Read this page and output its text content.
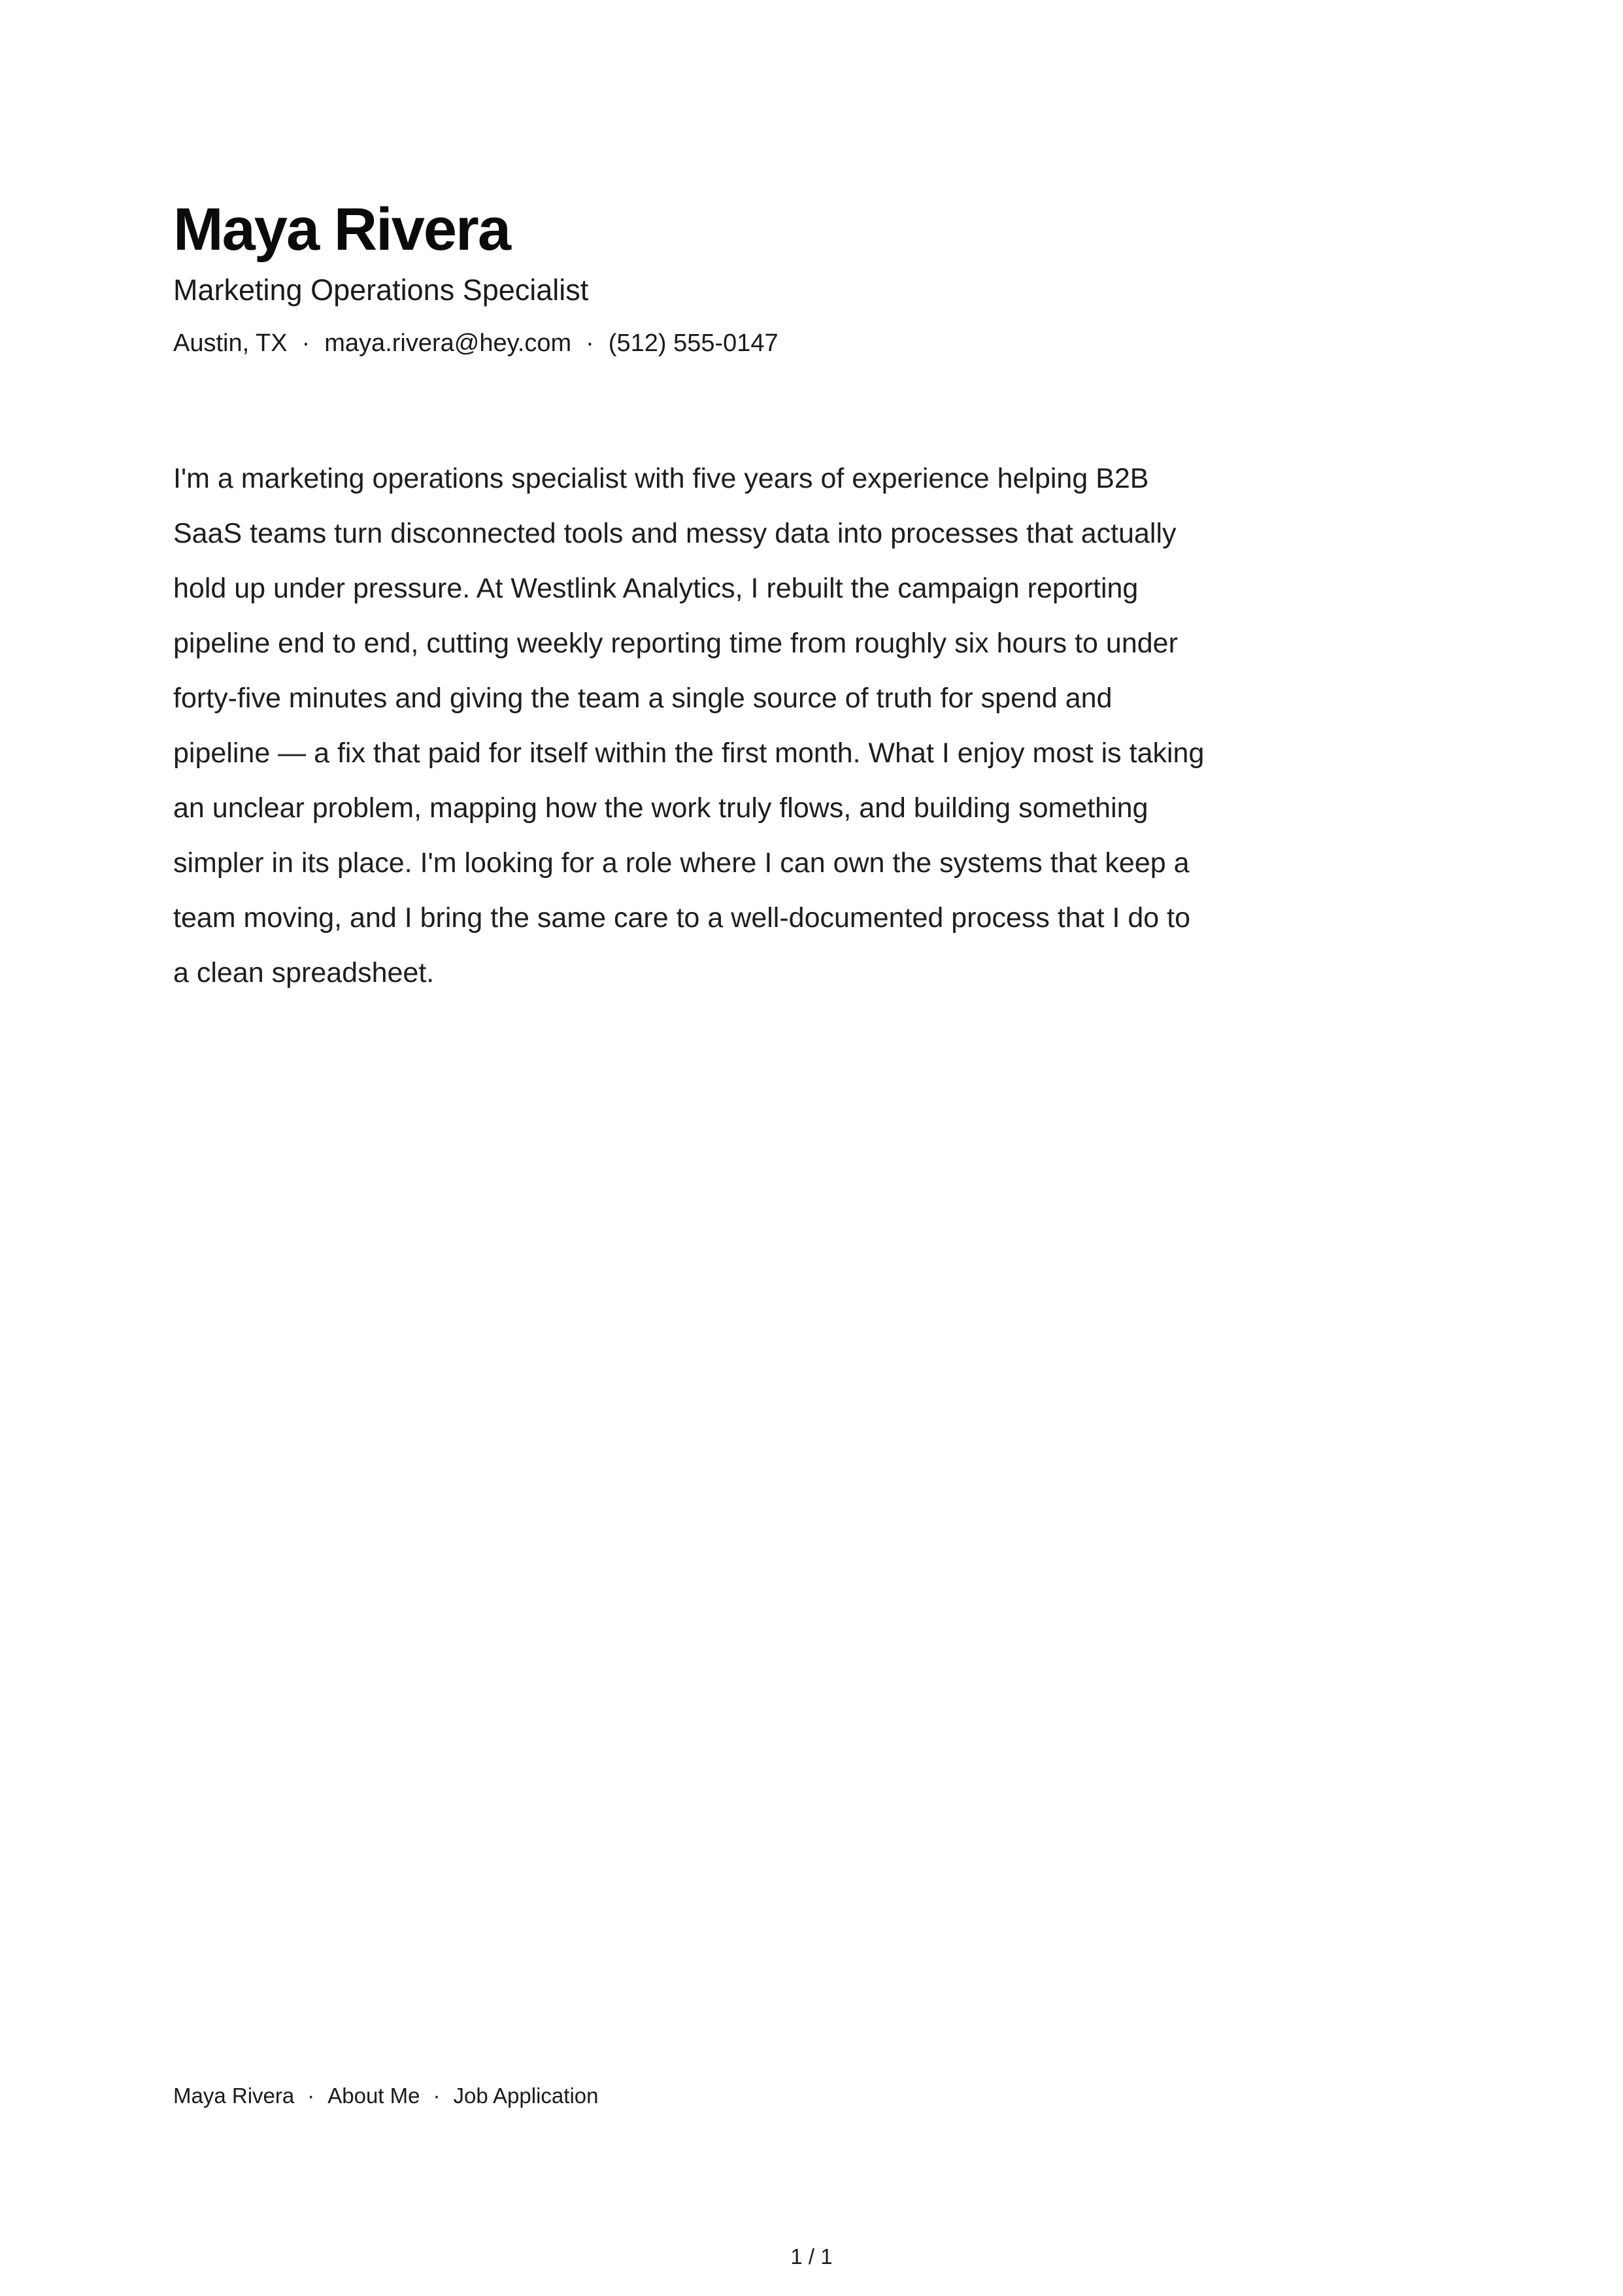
Maya Rivera
Marketing Operations Specialist
Austin, TX · maya.rivera@hey.com · (512) 555-0147

I'm a marketing operations specialist with five years of experience helping B2B SaaS teams turn disconnected tools and messy data into processes that actually hold up under pressure. At Westlink Analytics, I rebuilt the campaign reporting pipeline end to end, cutting weekly reporting time from roughly six hours to under forty-five minutes and giving the team a single source of truth for spend and pipeline — a fix that paid for itself within the first month. What I enjoy most is taking an unclear problem, mapping how the work truly flows, and building something simpler in its place. I'm looking for a role where I can own the systems that keep a team moving, and I bring the same care to a well-documented process that I do to a clean spreadsheet.

Maya Rivera · About Me · Job Application
1 / 1
